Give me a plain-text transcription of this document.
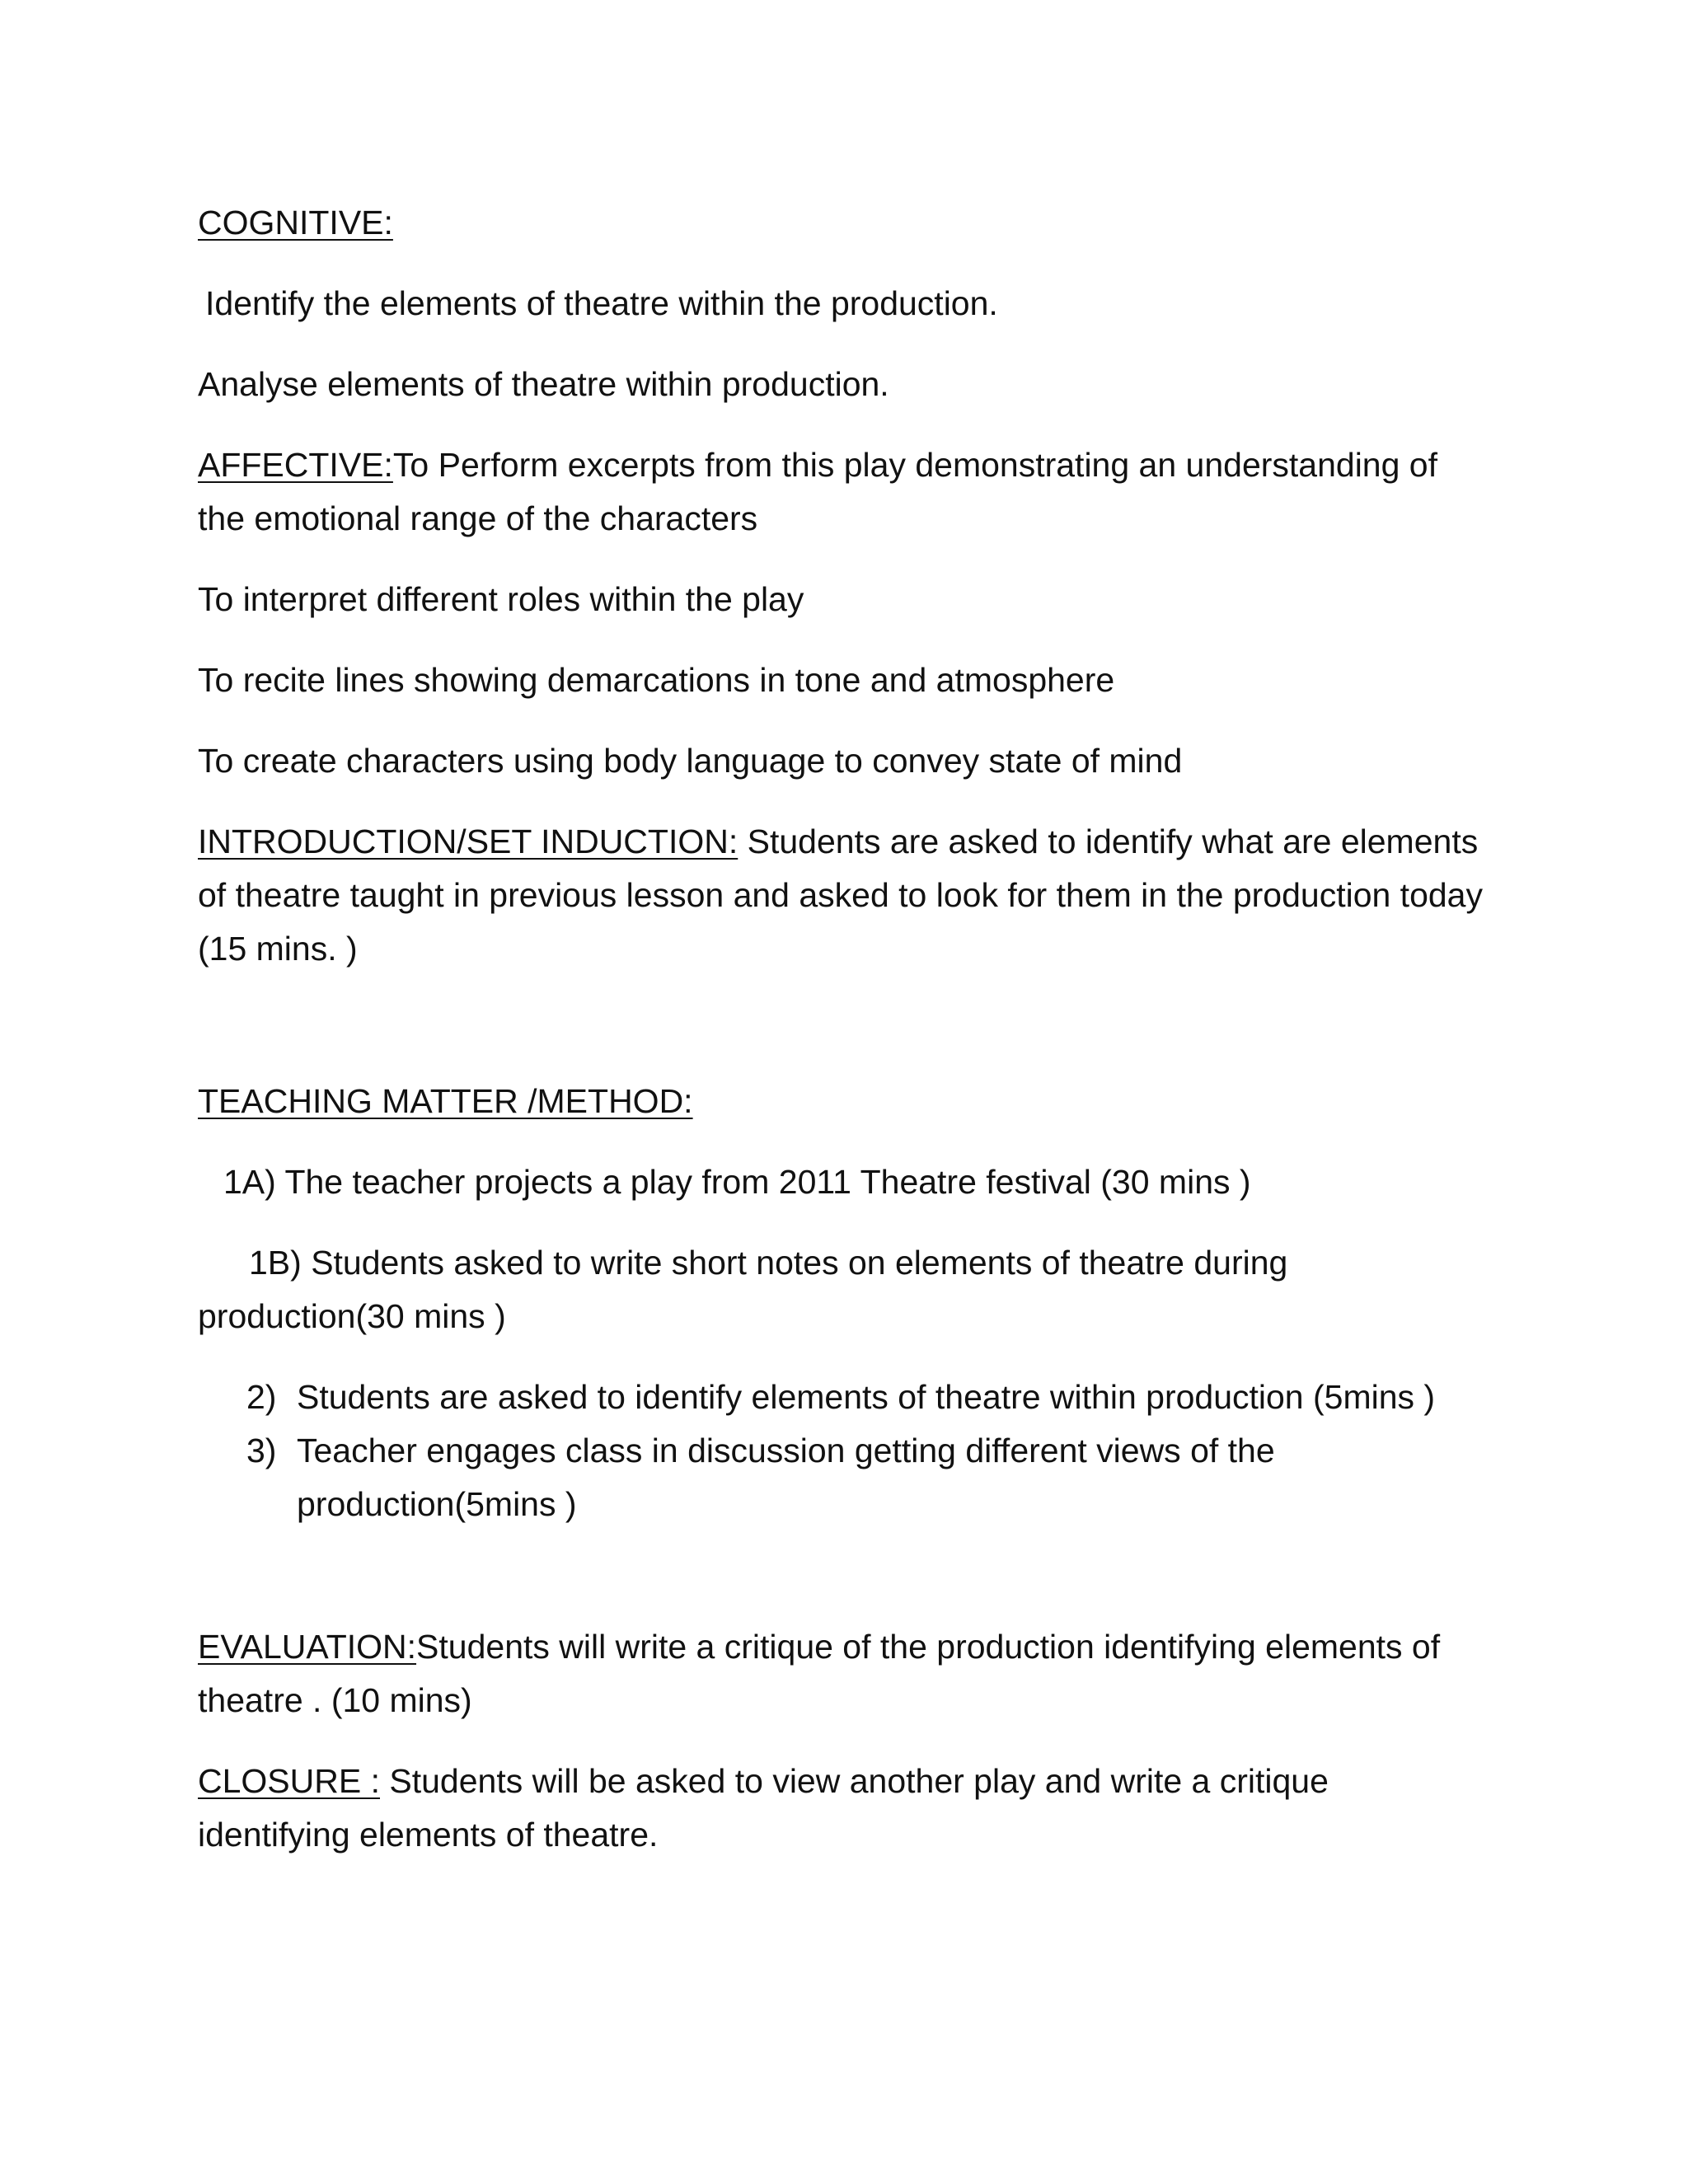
COGNITIVE:

Identify the elements of theatre within the production.

Analyse elements of theatre within production.

AFFECTIVE:To Perform excerpts from this play demonstrating an understanding of the emotional range of the characters

To interpret different roles within the play

To recite lines showing demarcations in tone and atmosphere

To create characters using body language to convey state of mind

INTRODUCTION/SET INDUCTION: Students are asked to identify what are elements of theatre taught in previous lesson and asked to look for them in the production today (15 mins. )

TEACHING MATTER /METHOD:

1A) The teacher projects a play from 2011 Theatre festival (30 mins )

1B) Students asked to write short notes on elements of theatre during production(30 mins )

2) Students are asked to identify elements of theatre within production (5mins )
3) Teacher engages class in discussion getting different views of the production(5mins )

EVALUATION:Students will write a critique of the production identifying elements of theatre . (10 mins)

CLOSURE : Students will be asked to view another play and write a critique identifying elements of theatre.
